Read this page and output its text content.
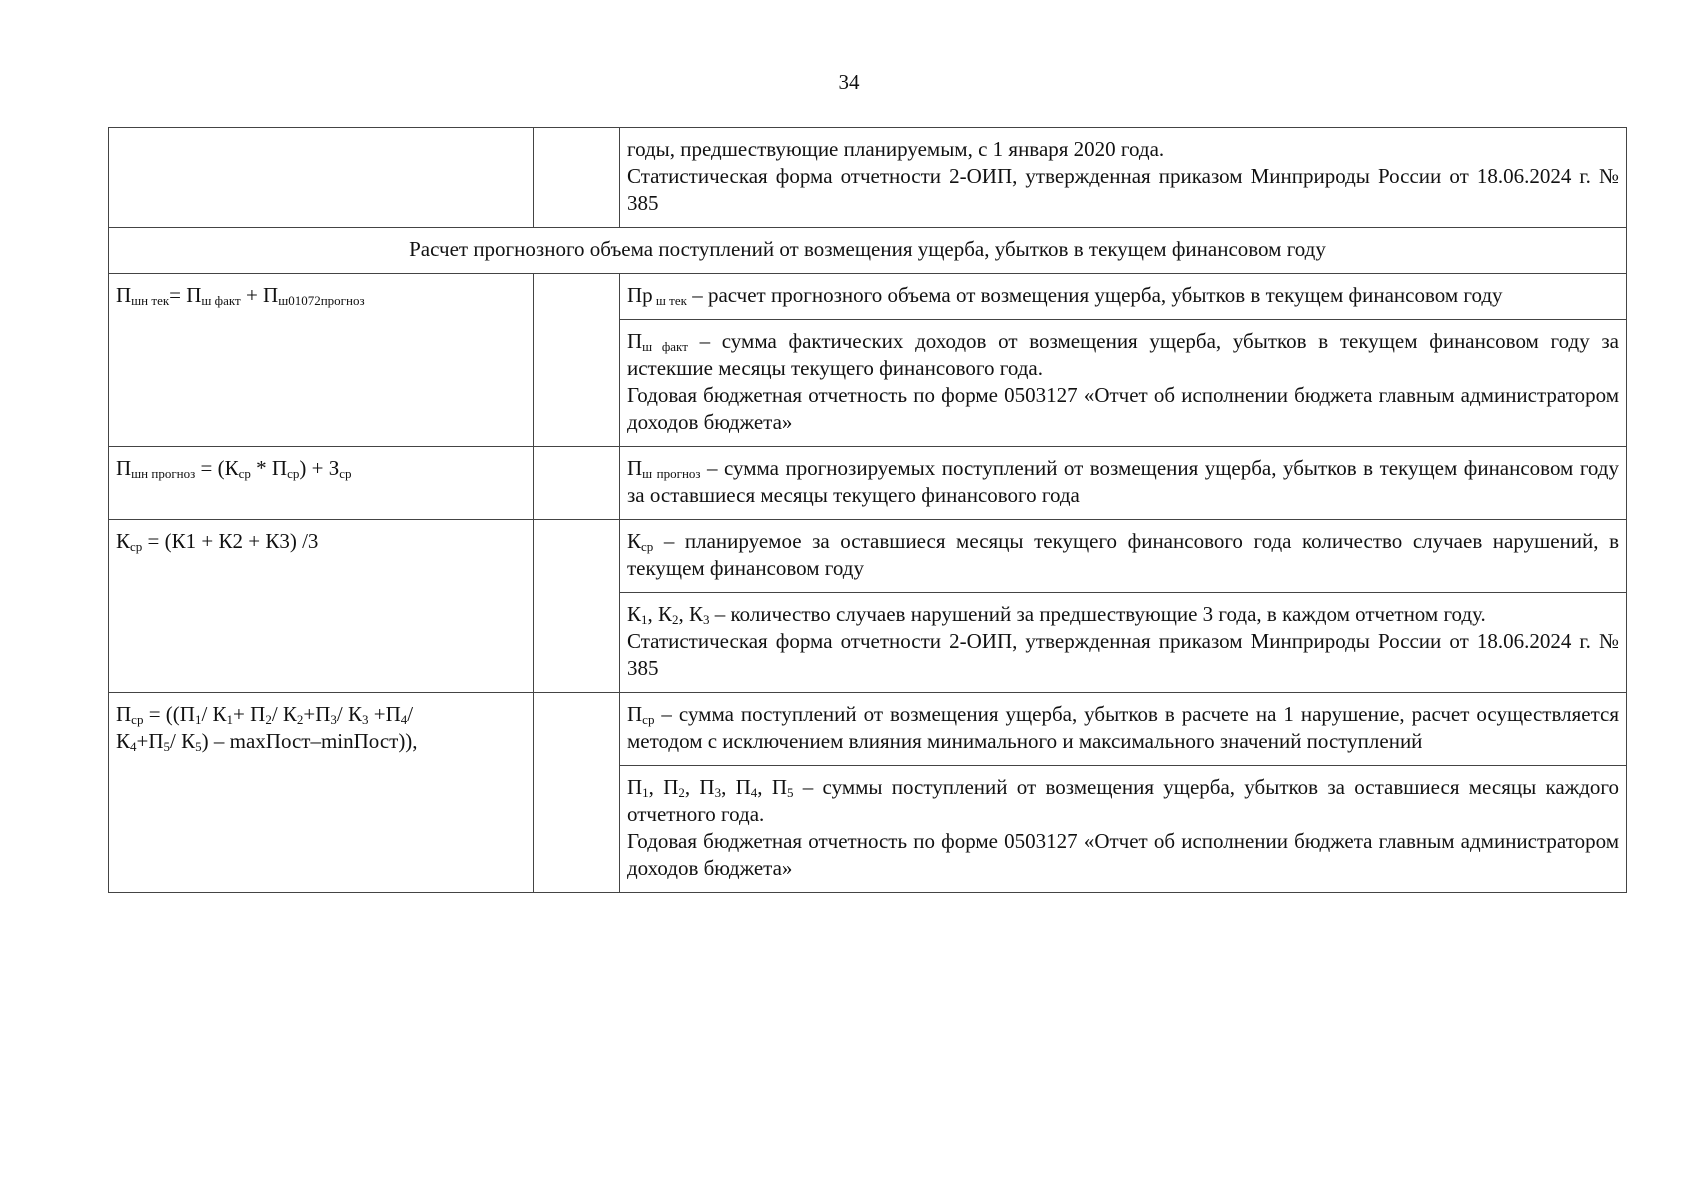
34

		годы, предшествующие планируемым, с 1 января 2020 года.
Статистическая форма отчетности 2-ОИП, утвержденная приказом Минприроды России от 18.06.2024 г. № 385

Расчет прогнозного объема поступлений от возмещения ущерба, убытков в текущем финансовом году		

$П_{шн тек}= П_{ш факт} + П_{ш01072прогноз}$		Пр $_{ш тек}$ – расчет прогнозного объема от возмещения ущерба, убытков в текущем финансовом году

		$П_{ш факт}$ – сумма фактических доходов от возмещения ущерба, убытков в текущем финансовом году за истекшие месяцы текущего финансового года.
Годовая бюджетная отчетность по форме 0503127 «Отчет об исполнении бюджета главным администратором доходов бюджета»

$П_{шн прогноз} = (К_{ср} * П_{ср}) + З_{ср}$		$П_{ш прогноз}$ – сумма прогнозируемых поступлений от возмещения ущерба, убытков в текущем финансовом году за оставшиеся месяцы текущего финансового года

$К_{ср} = (К1 + К2 + К3)$ /3		$К_{ср}$ – планируемое за оставшиеся месяцы текущего финансового года количество случаев нарушений, в текущем финансовом году

		$К_1$, $К_2$, $К_3$ – количество случаев нарушений за предшествующие 3 года, в каждом отчетном году.
Статистическая форма отчетности 2-ОИП, утвержденная приказом Минприроды России от 18.06.2024 г. № 385

$П_{ср} = ((П_1/$ $К_1+ П_2/$ $К_2+П_3/$ $К_3 +П_4/$
$К_4+П_5/$ $К_5$) – maxПост–minПост)),		$П_{ср}$ – сумма поступлений от возмещения ущерба, убытков в расчете на 1 нарушение, расчет осуществляется методом с исключением влияния минимального и максимального значений поступлений

		$П_1$, $П_2$, $П_3$, $П_4$, $П_5$ – суммы поступлений от возмещения ущерба, убытков за оставшиеся месяцы каждого отчетного года.
Годовая бюджетная отчетность по форме 0503127 «Отчет об исполнении бюджета главным администратором доходов бюджета»
